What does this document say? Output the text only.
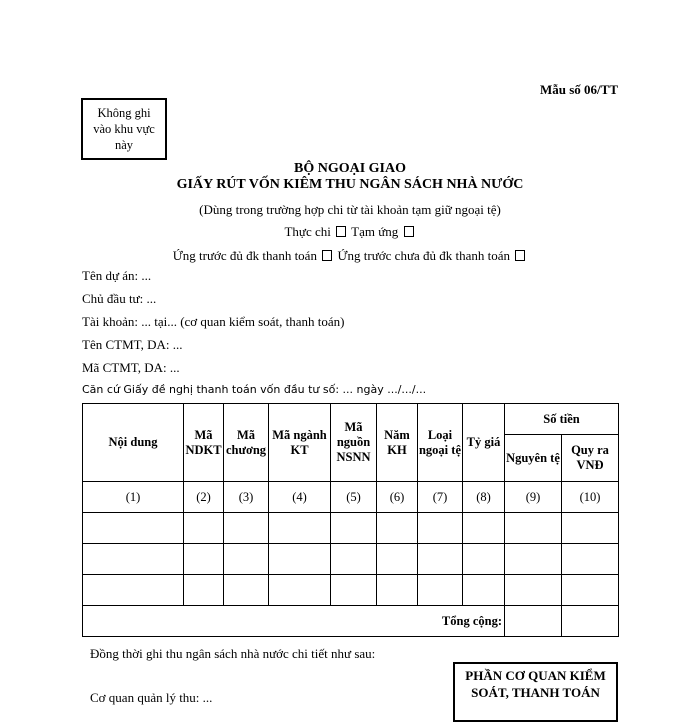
Mẫu số 06/TT
Không ghi
vào khu vực
này
BỘ NGOẠI GIAO
GIẤY RÚT VỐN KIÊM THU NGÂN SÁCH NHÀ NƯỚC
(Dùng trong trường hợp chi từ tài khoản tạm giữ ngoại tệ)
Thực chi Tạm ứng
Ứng trước đủ đk thanh toán Ứng trước chưa đủ đk thanh toán
Tên dự án: ...
Chủ đầu tư: ...
Tài khoản: ... tại... (cơ quan kiểm soát, thanh toán)
Tên CTMT, DA: ...
Mã CTMT, DA: ...
Căn cứ Giấy đề nghị thanh toán vốn đầu tư số: ... ngày .../.../...
Nội dung	Mã NDKT	Mã chương	Mã ngành KT	Mã nguồn NSNN	Năm KH	Loại ngoại tệ	Tỷ giá	Số tiền	
								Nguyên tệ	Quy ra VNĐ
(1)	(2)	(3)	(4)	(5)	(6)	(7)	(8)	(9)	(10)

Tổng cộng:									
Đồng thời ghi thu ngân sách nhà nước chi tiết như sau:
Cơ quan quản lý thu: ...
PHẦN CƠ QUAN KIỂM
SOÁT, THANH TOÁN
